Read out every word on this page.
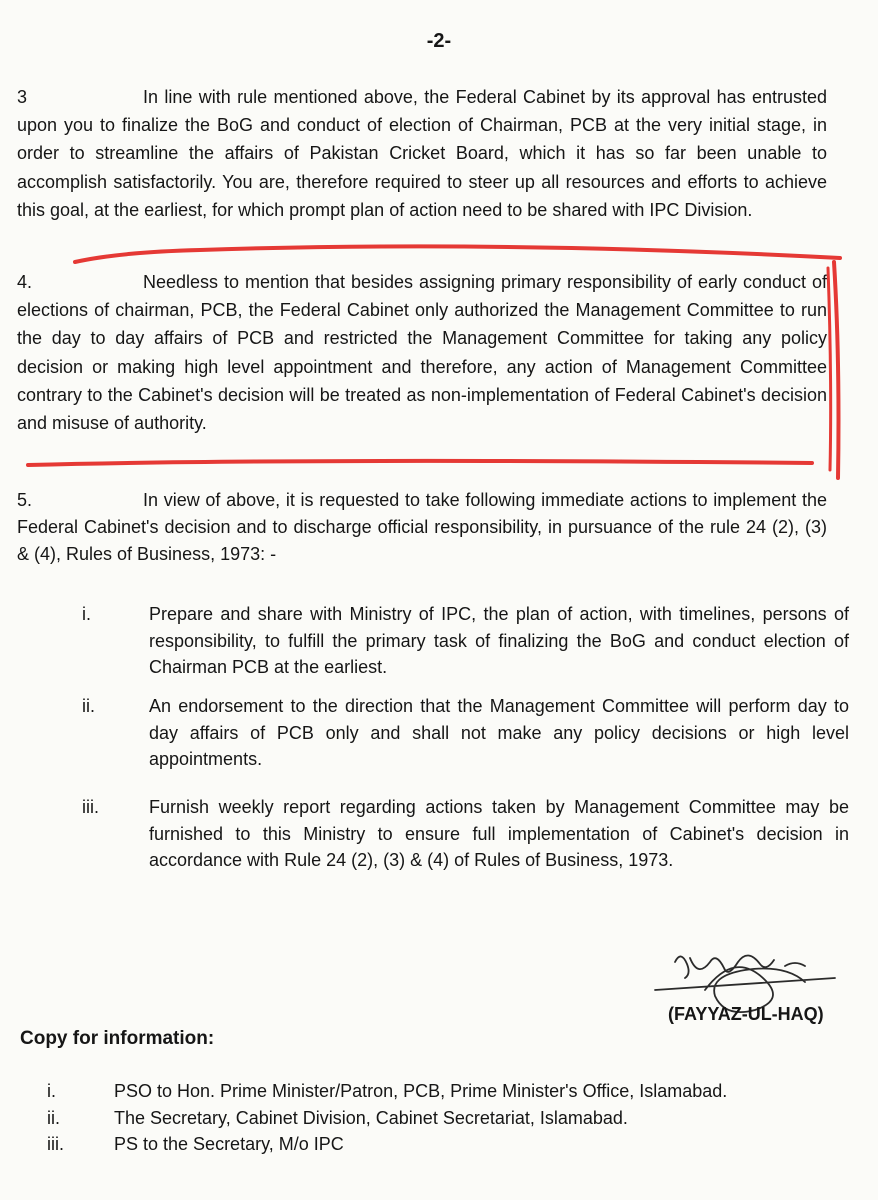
-2-
3	In line with rule mentioned above, the Federal Cabinet by its approval has entrusted upon you to finalize the BoG and conduct of election of Chairman, PCB at the very initial stage, in order to streamline the affairs of Pakistan Cricket Board, which it has so far been unable to accomplish satisfactorily. You are, therefore required to steer up all resources and efforts to achieve this goal, at the earliest, for which prompt plan of action need to be shared with IPC Division.
4.	Needless to mention that besides assigning primary responsibility of early conduct of elections of chairman, PCB, the Federal Cabinet only authorized the Management Committee to run the day to day affairs of PCB and restricted the Management Committee for taking any policy decision or making high level appointment and therefore, any action of Management Committee contrary to the Cabinet's decision will be treated as non-implementation of Federal Cabinet's decision and misuse of authority.
5.	In view of above, it is requested to take following immediate actions to implement the Federal Cabinet's decision and to discharge official responsibility, in pursuance of the rule 24 (2), (3) & (4), Rules of Business, 1973: -
i.	Prepare and share with Ministry of IPC, the plan of action, with timelines, persons of responsibility, to fulfill the primary task of finalizing the BoG and conduct election of Chairman PCB at the earliest.
ii.	An endorsement to the direction that the Management Committee will perform day to day affairs of PCB only and shall not make any policy decisions or high level appointments.
iii.	Furnish weekly report regarding actions taken by Management Committee may be furnished to this Ministry to ensure full implementation of Cabinet's decision in accordance with Rule 24 (2), (3) & (4) of Rules of Business, 1973.
(FAYYAZ-UL-HAQ)
Copy for information:
i.	PSO to Hon. Prime Minister/Patron, PCB, Prime Minister's Office, Islamabad.
ii.	The Secretary, Cabinet Division, Cabinet Secretariat, Islamabad.
iii.	PS to the Secretary, M/o IPC
